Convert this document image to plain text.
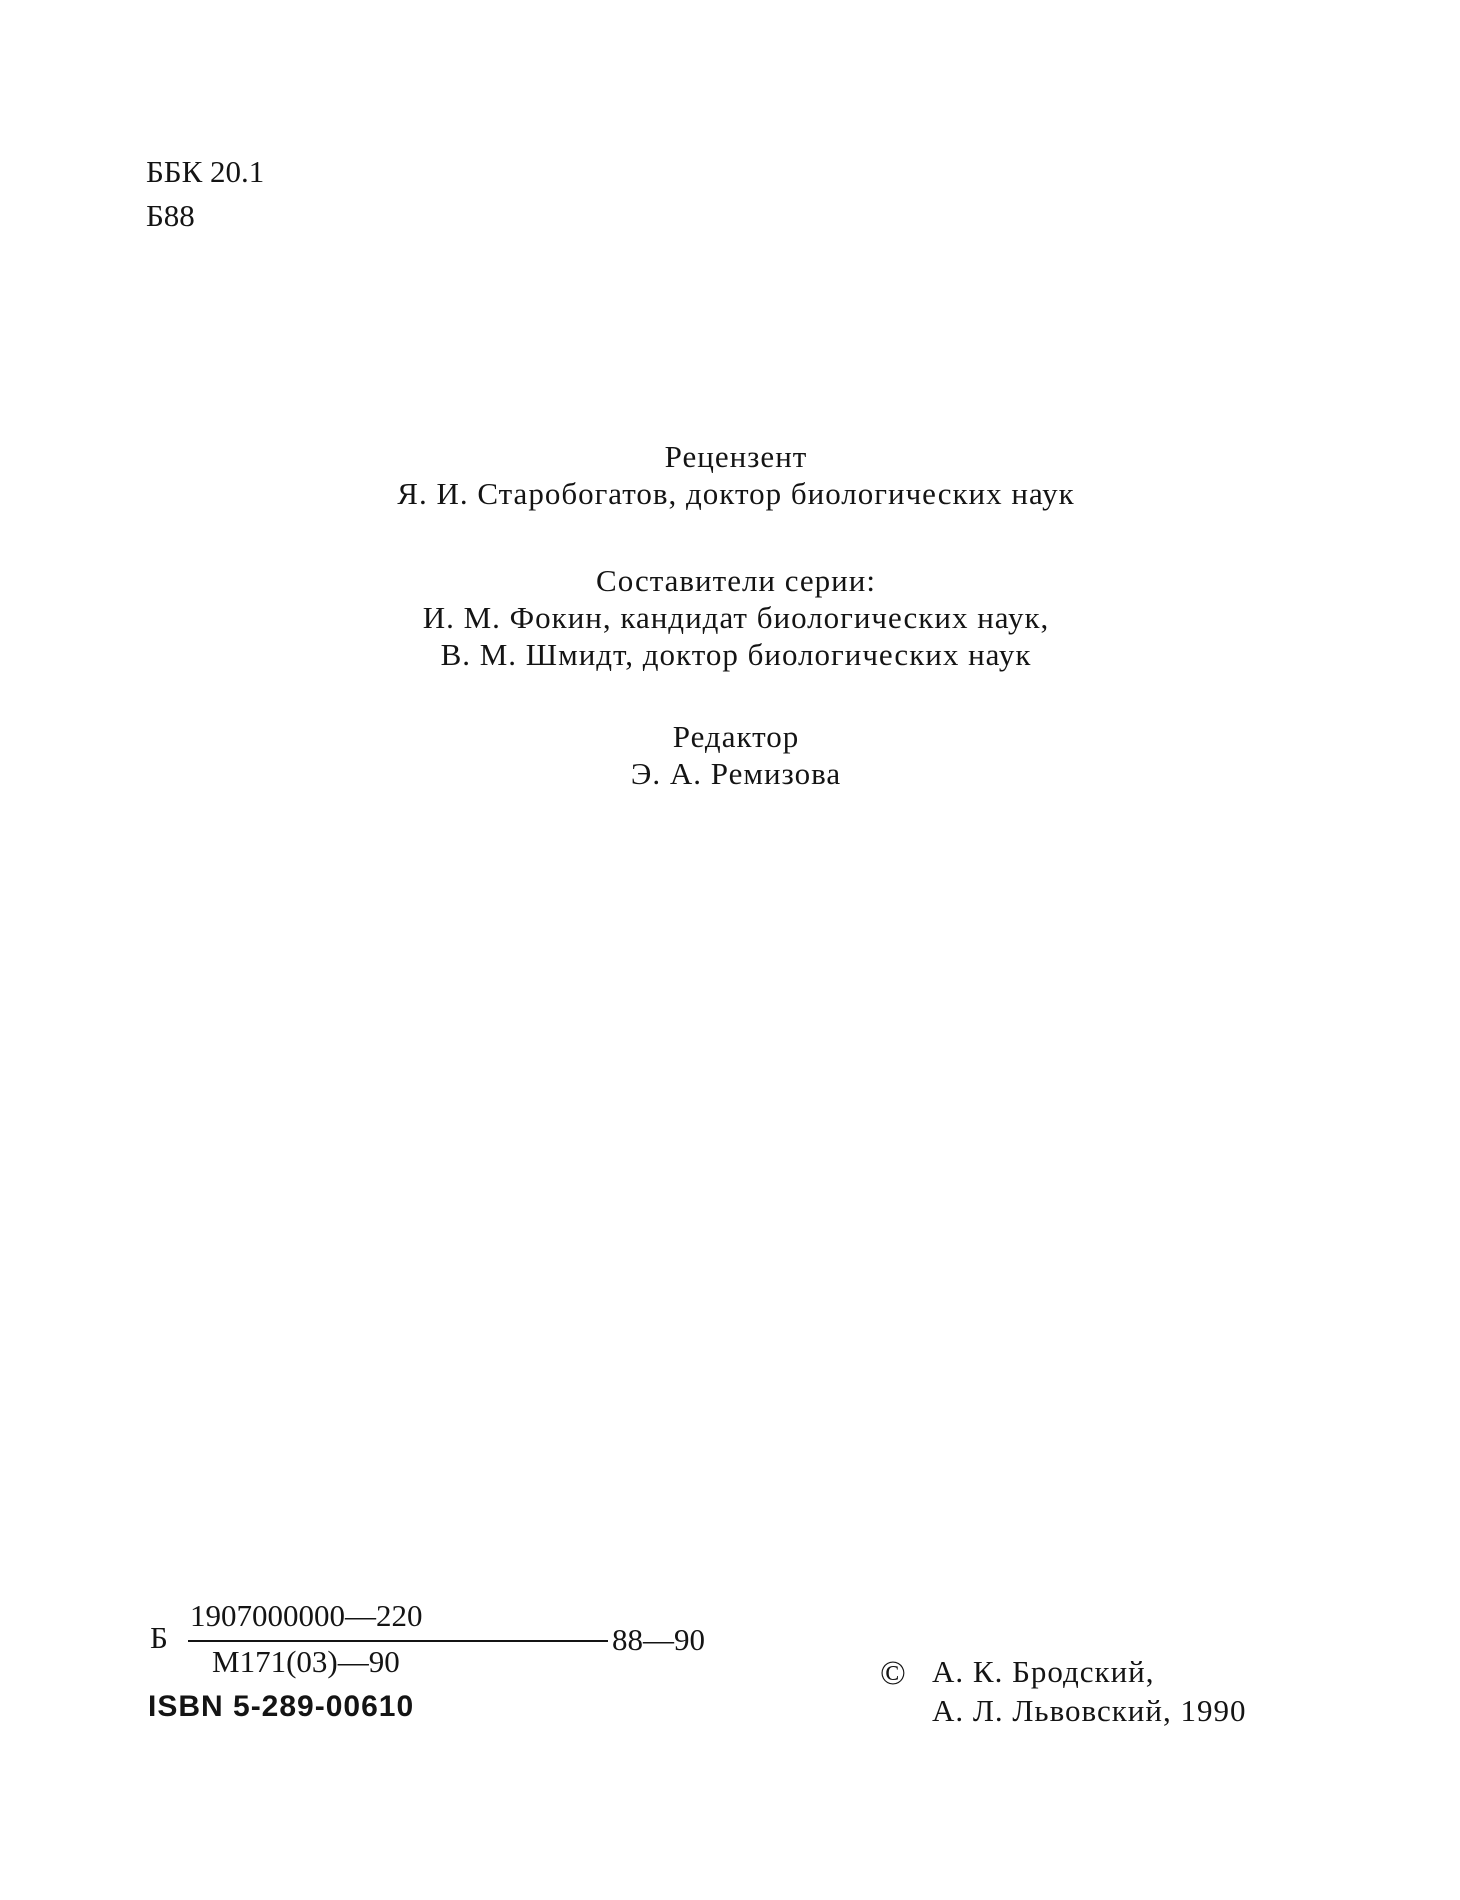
ББК 20.1
Б88
Рецензент
Я. И. Старобогатов, доктор биологических наук
Составители серии:
И. М. Фокин, кандидат биологических наук,
В. М. Шмидт, доктор биологических наук
Редактор
Э. А. Ремизова
Б
1907000000—220
М171(03)—90
88—90
ISBN 5-289-00610
© А. К. Бродский,
А. Л. Львовский, 1990
